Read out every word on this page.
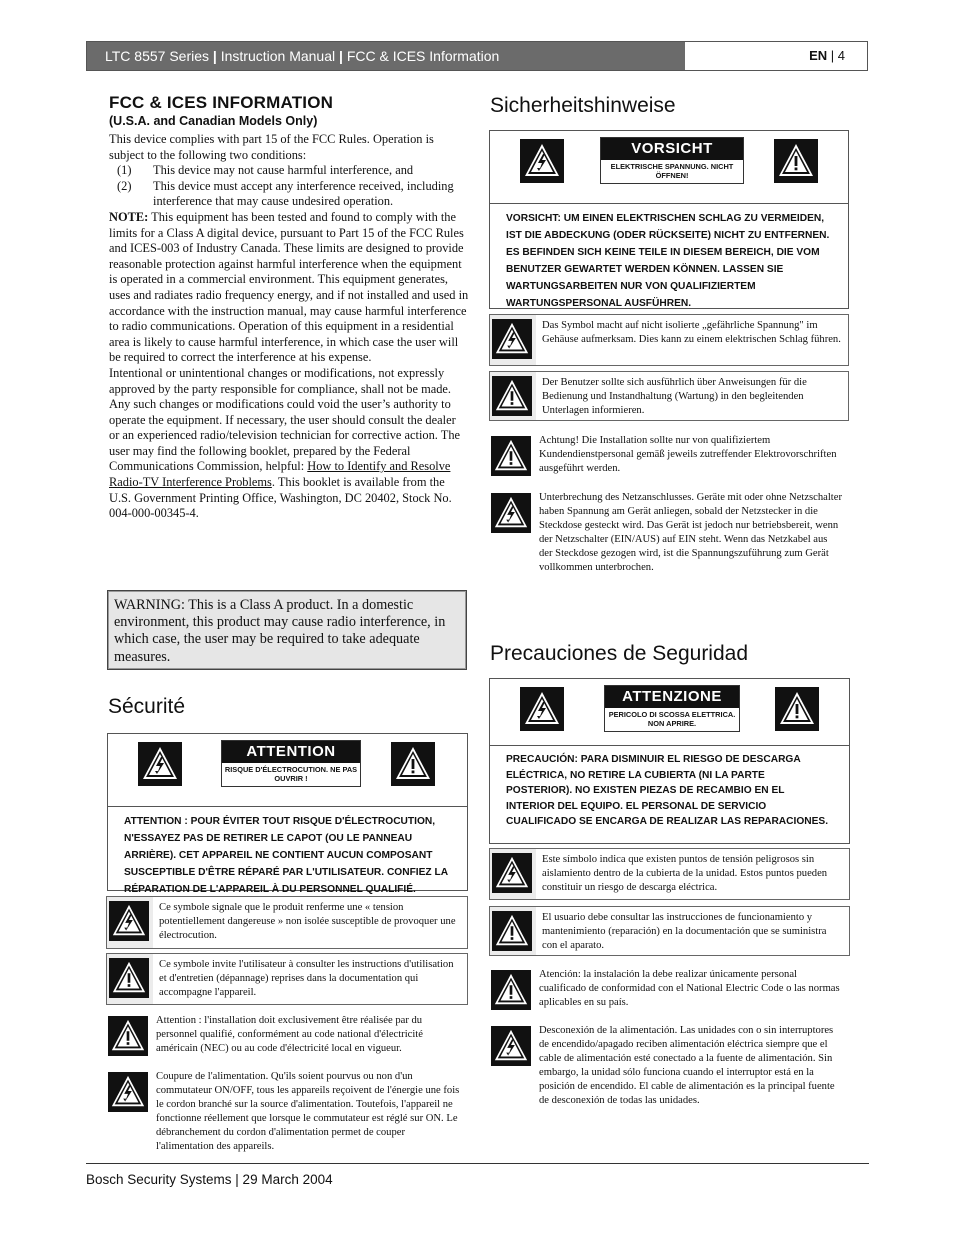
LTC 8557 Series | Instruction Manual | FCC & ICES Information	EN | 4
FCC & ICES INFORMATION
(U.S.A. and Canadian Models Only)

This device complies with part 15 of the FCC Rules. Operation is subject to the following two conditions:

(1)	This device may not cause harmful interference, and
(2)	This device must accept any interference received, including interference that may cause undesired operation.

NOTE: This equipment has been tested and found to comply with the limits for a Class A digital device, pursuant to Part 15 of the FCC Rules and ICES-003 of Industry Canada. These limits are designed to provide reasonable protection against harmful interference when the equipment is operated in a commercial environment. This equipment generates, uses and radiates radio frequency energy, and if not installed and used in accordance with the instruction manual, may cause harmful interference to radio communications. Operation of this equipment in a residential area is likely to cause harmful interference, in which case the user will be required to correct the interference at his expense.

Intentional or unintentional changes or modifications, not expressly approved by the party responsible for compliance, shall not be made. Any such changes or modifications could void the user’s authority to operate the equipment. If necessary, the user should consult the dealer or an experienced radio/television technician for corrective action. The user may find the following booklet, prepared by the Federal Communications Commission, helpful: How to Identify and Resolve Radio-TV Interference Problems. This booklet is available from the U.S. Government Printing Office, Washington, DC 20402, Stock No. 004-000-00345-4.

WARNING: This is a Class A product. In a domestic environment, this product may cause radio interference, in which case, the user may be required to take adequate measures.
Sécurité
ATTENTION
RISQUE D'ÉLECTROCUTION. NE PAS OUVRIR !
ATTENTION : POUR ÉVITER TOUT RISQUE D'ÉLECTROCUTION, N'ESSAYEZ PAS DE RETIRER LE CAPOT (OU LE PANNEAU ARRIÈRE). CET APPAREIL NE CONTIENT AUCUN COMPOSANT SUSCEPTIBLE D'ÊTRE RÉPARÉ PAR L'UTILISATEUR. CONFIEZ LA RÉPARATION DE L'APPAREIL À DU PERSONNEL QUALIFIÉ.
Ce symbole signale que le produit renferme une « tension potentiellement dangereuse » non isolée susceptible de provoquer une électrocution.
Ce symbole invite l'utilisateur à consulter les instructions d'utilisation et d'entretien (dépannage) reprises dans la documentation qui accompagne l'appareil.
Attention : l'installation doit exclusivement être réalisée par du personnel qualifié, conformément au code national d'électricité américain (NEC) ou au code d'électricité local en vigueur.
Coupure de l'alimentation. Qu'ils soient pourvus ou non d'un commutateur ON/OFF, tous les appareils reçoivent de l'énergie une fois le cordon branché sur la source d'alimentation. Toutefois, l'appareil ne fonctionne réellement que lorsque le commutateur est réglé sur ON. Le débranchement du cordon d'alimentation permet de couper l'alimentation des appareils.
Sicherheitshinweise
VORSICHT
ELEKTRISCHE SPANNUNG. NICHT ÖFFNEN!
VORSICHT: UM EINEN ELEKTRISCHEN SCHLAG ZU VERMEIDEN, IST DIE ABDECKUNG (ODER RÜCKSEITE) NICHT ZU ENTFERNEN. ES BEFINDEN SICH KEINE TEILE IN DIESEM BEREICH, DIE VOM BENUTZER GEWARTET WERDEN KÖNNEN. LASSEN SIE WARTUNGSARBEITEN NUR VON QUALIFIZIERTEM WARTUNGSPERSONAL AUSFÜHREN.
Das Symbol macht auf nicht isolierte „gefährliche Spannung" im Gehäuse aufmerksam. Dies kann zu einem elektrischen Schlag führen.
Der Benutzer sollte sich ausführlich über Anweisungen für die Bedienung und Instandhaltung (Wartung) in den begleitenden Unterlagen informieren.
Achtung! Die Installation sollte nur von qualifiziertem Kundendienstpersonal gemäß jeweils zutreffender Elektrovorschriften ausgeführt werden.
Unterbrechung des Netzanschlusses. Geräte mit oder ohne Netzschalter haben Spannung am Gerät anliegen, sobald der Netzstecker in die Steckdose gesteckt wird. Das Gerät ist jedoch nur betriebsbereit, wenn der Netzschalter (EIN/AUS) auf EIN steht. Wenn das Netzkabel aus der Steckdose gezogen wird, ist die Spannungszuführung zum Gerät vollkommen unterbrochen.
Precauciones de Seguridad
ATTENZIONE
PERICOLO DI SCOSSA ELETTRICA. NON APRIRE.
PRECAUCIÓN: PARA DISMINUIR EL RIESGO DE DESCARGA ELÉCTRICA, NO RETIRE LA CUBIERTA (NI LA PARTE POSTERIOR). NO EXISTEN PIEZAS DE RECAMBIO EN EL INTERIOR DEL EQUIPO. EL PERSONAL DE SERVICIO CUALIFICADO SE ENCARGA DE REALIZAR LAS REPARACIONES.
Este símbolo indica que existen puntos de tensión peligrosos sin aislamiento dentro de la cubierta de la unidad. Estos puntos pueden constituir un riesgo de descarga eléctrica.
El usuario debe consultar las instrucciones de funcionamiento y mantenimiento (reparación) en la documentación que se suministra con el aparato.
Atención: la instalación la debe realizar únicamente personal cualificado de conformidad con el National Electric Code o las normas aplicables en su país.
Desconexión de la alimentación. Las unidades con o sin interruptores de encendido/apagado reciben alimentación eléctrica siempre que el cable de alimentación esté conectado a la fuente de alimentación. Sin embargo, la unidad sólo funciona cuando el interruptor está en la posición de encendido. El cable de alimentación es la principal fuente de desconexión de todas las unidades.
Bosch Security Systems | 29 March 2004
